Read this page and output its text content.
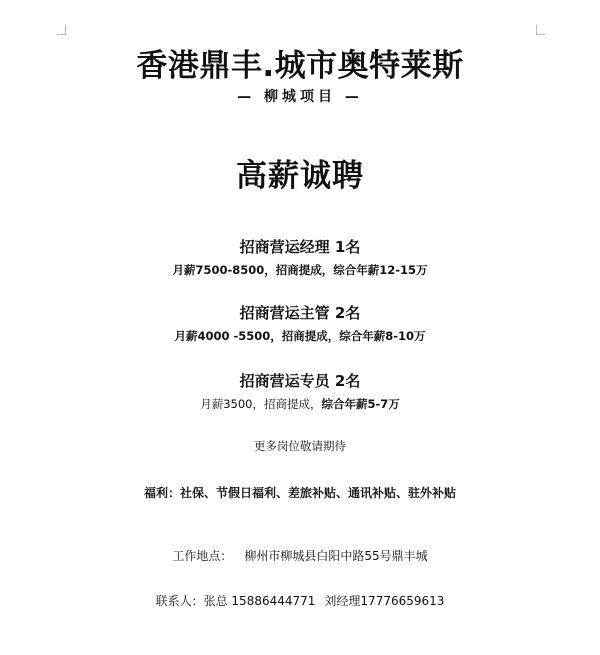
香港鼎丰.城市奥特莱斯
— 柳城项目 —
高薪诚聘
招商营运经理 1名
月薪7500-8500，招商提成，综合年薪12-15万
招商营运主管 2名
月薪4000 -5500，招商提成，综合年薪8-10万
招商营运专员 2名
月薪3500，招商提成，综合年薪5-7万
更多岗位敬请期待
福利：社保、节假日福利、差旅补贴、通讯补贴、驻外补贴
工作地点： 柳州市柳城县白阳中路55号鼎丰城
联系人：张总 15886444771 刘经理17776659613
